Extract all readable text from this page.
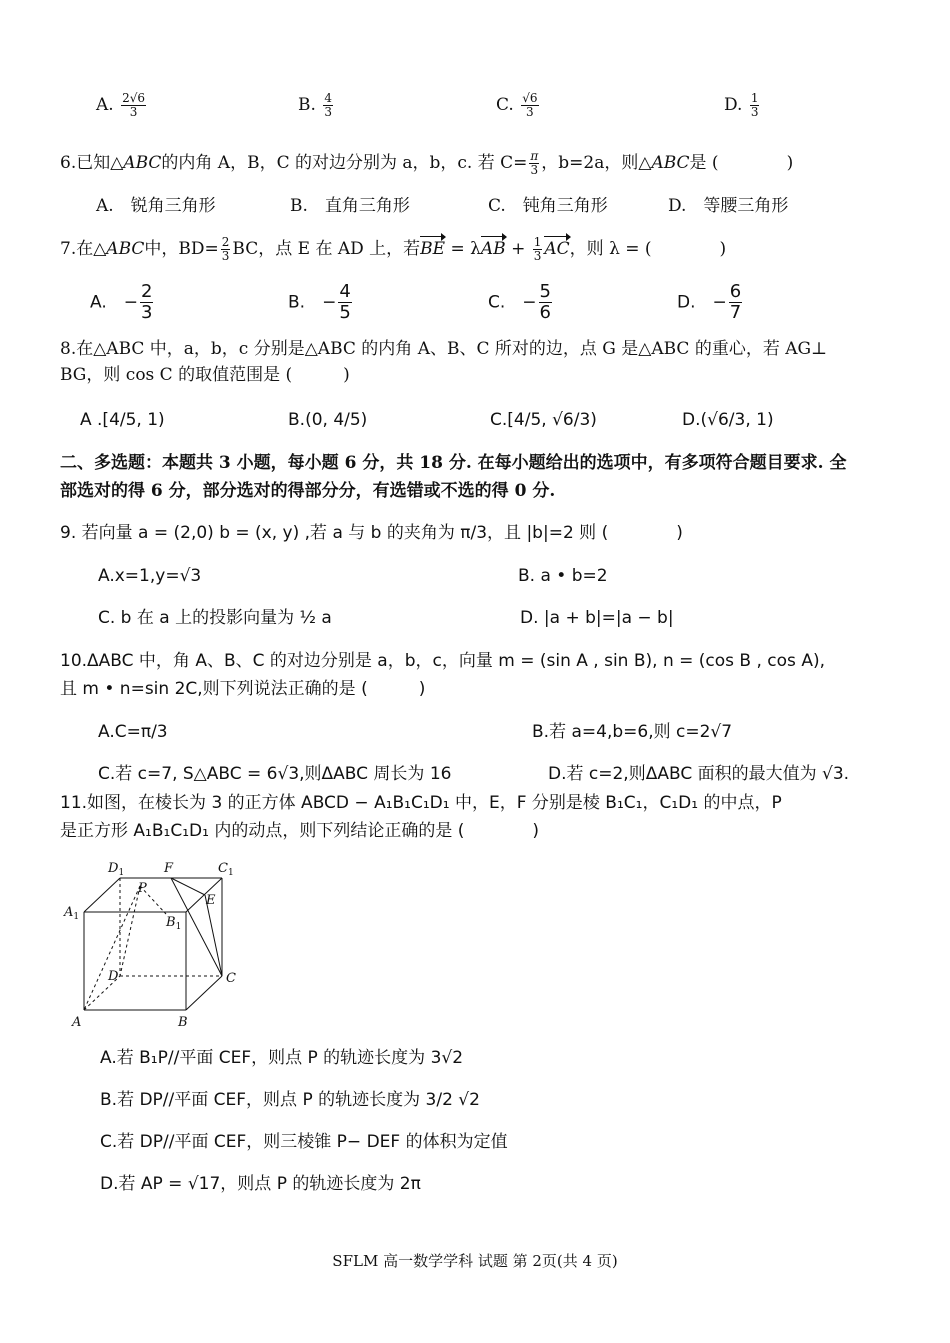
A. $\frac{2√6}{3}$	B. $\frac{4}{3}$	C. $\frac{√6}{3}$	D. $\frac{1}{3}$
6.已知△ABC的内角 A，B，C 的对边分别为 a，b，c. 若 $C= \frac{\pi}{3}$ ，b=2a，则△ABC是 (　　　　)
A.　锐角三角形	B.　直角三角形	C.　钝角三角形	D.　等腰三角形
7.在△ABC中，$BD= \frac{2}{3}$ BC，点 E 在 AD 上，若BE = $\lambda AB + \frac{1}{3}$ AC，则 λ = (　　　　)
A.　− $\frac{2}{3}$	B.　− $\frac{4}{5}$	C.　− $\frac{5}{6}$	D.　− $\frac{6}{7}$
8.在△ABC 中，a，b，c 分别是△ABC 的内角 A、B、C 所对的边，点 G 是△ABC 的重心，若 AG⊥
BG，则 cos C 的取值范围是 (　　　)
A .[4/5, 1)	B.(0, 4/5)	C.[4/5, √6/3)	D.(√6/3, 1)
二、多选题：本题共 3 小题，每小题 6 分，共 18 分. 在每小题给出的选项中，有多项符合题目要求. 全
部选对的得 6 分，部分选对的得部分分，有选错或不选的得 0 分.
9. 若向量 a = (2,0) b = (x, y) ,若 a 与 b 的夹角为 π/3，且 |b|=2 则 (　　　　)
A.x=1,y=√3	B. a • b=2
C. b 在 a 上的投影向量为 ½ a	D. |a + b|=|a − b|
10.ΔABC 中，角 A、B、C 的对边分别是 a，b，c，向量 m = (sin A , sin B), n = (cos B , cos A),
且 m • n=sin 2C,则下列说法正确的是 (　　　)
A.C=π/3	B.若 a=4,b=6,则 c=2√7
C.若 c=7, S△ABC = 6√3,则ΔABC 周长为 16	D.若 c=2,则ΔABC 面积的最大值为 √3.
11.如图，在棱长为 3 的正方体 ABCD − A₁B₁C₁D₁ 中，E，F 分别是棱 B₁C₁，C₁D₁ 的中点，P
是正方形 A₁B₁C₁D₁ 内的动点，则下列结论正确的是 (　　　　)
$D_1$	F	$C_1$
P
$A_1$
E
$B_1$
D	C
A	B
A.若 B₁P//平面 CEF，则点 P 的轨迹长度为 3√2
B.若 DP//平面 CEF，则点 P 的轨迹长度为 3/2 √2
C.若 DP//平面 CEF，则三棱锥 P− DEF 的体积为定值
D.若 AP = √17，则点 P 的轨迹长度为 2π
SFLM 高一数学学科 试题 第 2页(共 4 页)
